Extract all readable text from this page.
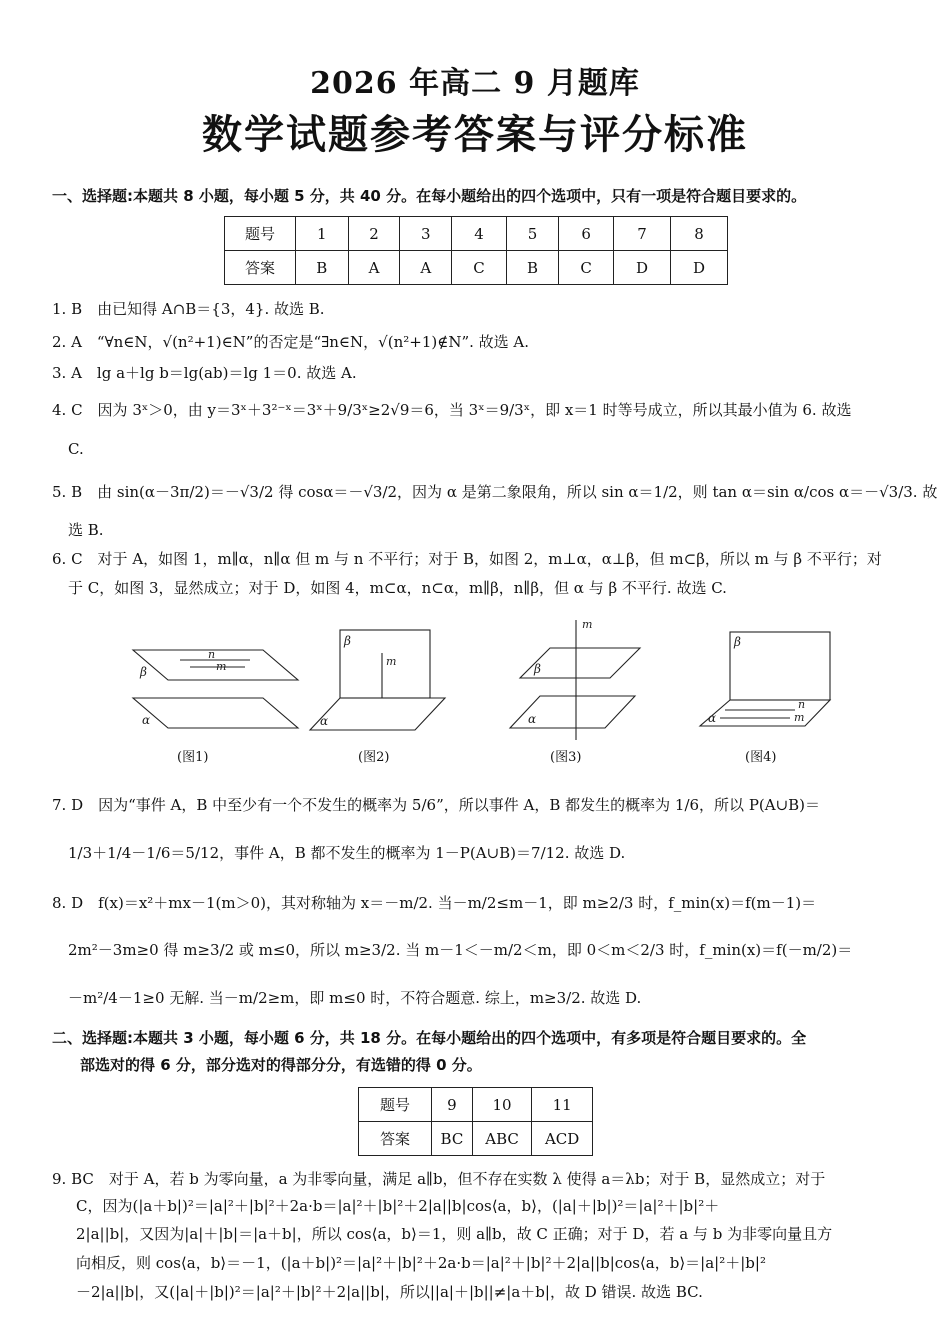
2026 年高二 9 月题库
数学试题参考答案与评分标准
一、选择题:本题共 8 小题，每小题 5 分，共 40 分。在每小题给出的四个选项中，只有一项是符合题目要求的。
题号	1	2	3	4	5	6	7	8
答案	B	A	A	C	B	C	D	D
1. B　由已知得 A∩B＝{3，4}. 故选 B.
2. A　“∀n∈N，√(n²+1)∈N”的否定是“∃n∈N，√(n²+1)∉N”. 故选 A.
3. A　lg a＋lg b＝lg(ab)＝lg 1＝0. 故选 A.
4. C　因为 3ˣ＞0，由 y＝3ˣ＋3²⁻ˣ＝3ˣ＋9/3ˣ≥2√9＝6，当 3ˣ＝9/3ˣ，即 x＝1 时等号成立，所以其最小值为 6. 故选
C.
5. B　由 sin(α－3π/2)＝－√3/2 得 cosα＝－√3/2，因为 α 是第二象限角，所以 sin α＝1/2，则 tan α＝sin α/cos α＝－√3/3. 故
选 B.
6. C　对于 A，如图 1，m∥α，n∥α 但 m 与 n 不平行；对于 B，如图 2，m⊥α，α⊥β，但 m⊂β，所以 m 与 β 不平行；对
于 C，如图 3，显然成立；对于 D，如图 4，m⊂α，n⊂α，m∥β，n∥β，但 α 与 β 不平行. 故选 C.
β
α
n
m
β
m
α
β
m
α
β
n
m
α
(图1)	(图2)	(图3)	(图4)
7. D　因为“事件 A，B 中至少有一个不发生的概率为 5/6”，所以事件 A，B 都发生的概率为 1/6，所以 P(A∪B)＝
1/3＋1/4－1/6＝5/12，事件 A，B 都不发生的概率为 1－P(A∪B)＝7/12. 故选 D.
8. D　f(x)＝x²＋mx－1(m＞0)，其对称轴为 x＝－m/2. 当－m/2≤m－1，即 m≥2/3 时，f_min(x)＝f(m－1)＝
2m²－3m≥0 得 m≥3/2 或 m≤0，所以 m≥3/2. 当 m－1＜－m/2＜m，即 0＜m＜2/3 时，f_min(x)＝f(－m/2)＝
－m²/4－1≥0 无解. 当－m/2≥m，即 m≤0 时，不符合题意. 综上，m≥3/2. 故选 D.
二、选择题:本题共 3 小题，每小题 6 分，共 18 分。在每小题给出的四个选项中，有多项是符合题目要求的。全
部选对的得 6 分，部分选对的得部分分，有选错的得 0 分。
题号	9	10	11
答案	BC	ABC	ACD
9. BC　对于 A，若 b 为零向量，a 为非零向量，满足 a∥b，但不存在实数 λ 使得 a＝λb；对于 B，显然成立；对于
C，因为(|a＋b|)²＝|a|²＋|b|²＋2a·b＝|a|²＋|b|²＋2|a||b|cos⟨a，b⟩，(|a|＋|b|)²＝|a|²＋|b|²＋
2|a||b|，又因为|a|＋|b|＝|a＋b|，所以 cos⟨a，b⟩＝1，则 a∥b，故 C 正确；对于 D，若 a 与 b 为非零向量且方
向相反，则 cos⟨a，b⟩＝－1，(|a＋b|)²＝|a|²＋|b|²＋2a·b＝|a|²＋|b|²＋2|a||b|cos⟨a，b⟩＝|a|²＋|b|²
－2|a||b|，又(|a|＋|b|)²＝|a|²＋|b|²＋2|a||b|，所以||a|＋|b||≠|a＋b|，故 D 错误. 故选 BC.
